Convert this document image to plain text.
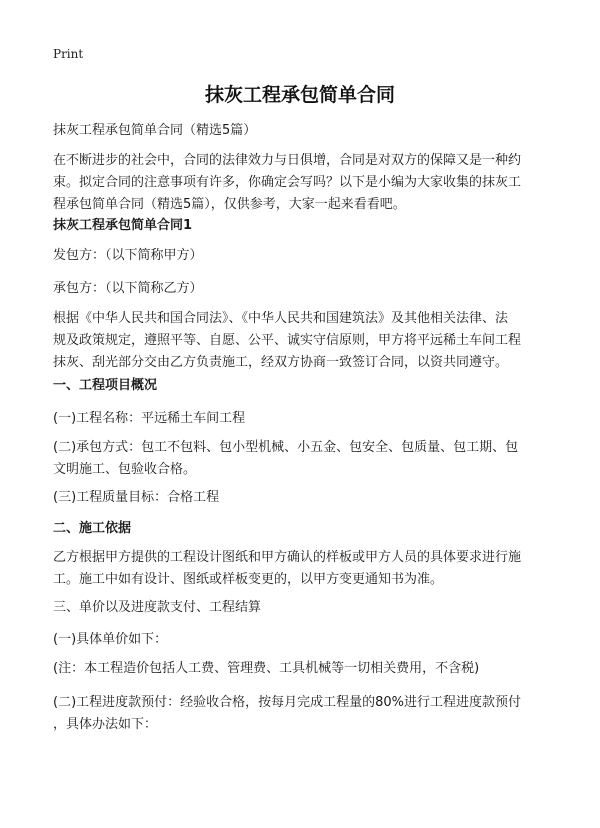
Print
抹灰工程承包简单合同
抹灰工程承包简单合同（精选5篇）
在不断进步的社会中，合同的法律效力与日俱增，合同是对双方的保障又是一种约
束。拟定合同的注意事项有许多，你确定会写吗？以下是小编为大家收集的抹灰工
程承包简单合同（精选5篇），仅供参考，大家一起来看看吧。
抹灰工程承包简单合同1
发包方：（以下简称甲方）
承包方：（以下简称乙方）
根据《中华人民共和国合同法》、《中华人民共和国建筑法》及其他相关法律、法
规及政策规定，遵照平等、自愿、公平、诚实守信原则，甲方将平远稀土车间工程
抹灰、刮光部分交由乙方负责施工，经双方协商一致签订合同，以资共同遵守。
一、工程项目概况
(一)工程名称：平远稀土车间工程
(二)承包方式：包工不包料、包小型机械、小五金、包安全、包质量、包工期、包
文明施工、包验收合格。
(三)工程质量目标：合格工程
二、施工依据
乙方根据甲方提供的工程设计图纸和甲方确认的样板或甲方人员的具体要求进行施
工。施工中如有设计、图纸或样板变更的，以甲方变更通知书为准。
三、单价以及进度款支付、工程结算
(一)具体单价如下：
(注：本工程造价包括人工费、管理费、工具机械等一切相关费用，不含税)
(二)工程进度款预付：经验收合格，按每月完成工程量的80%进行工程进度款预付
，具体办法如下：
